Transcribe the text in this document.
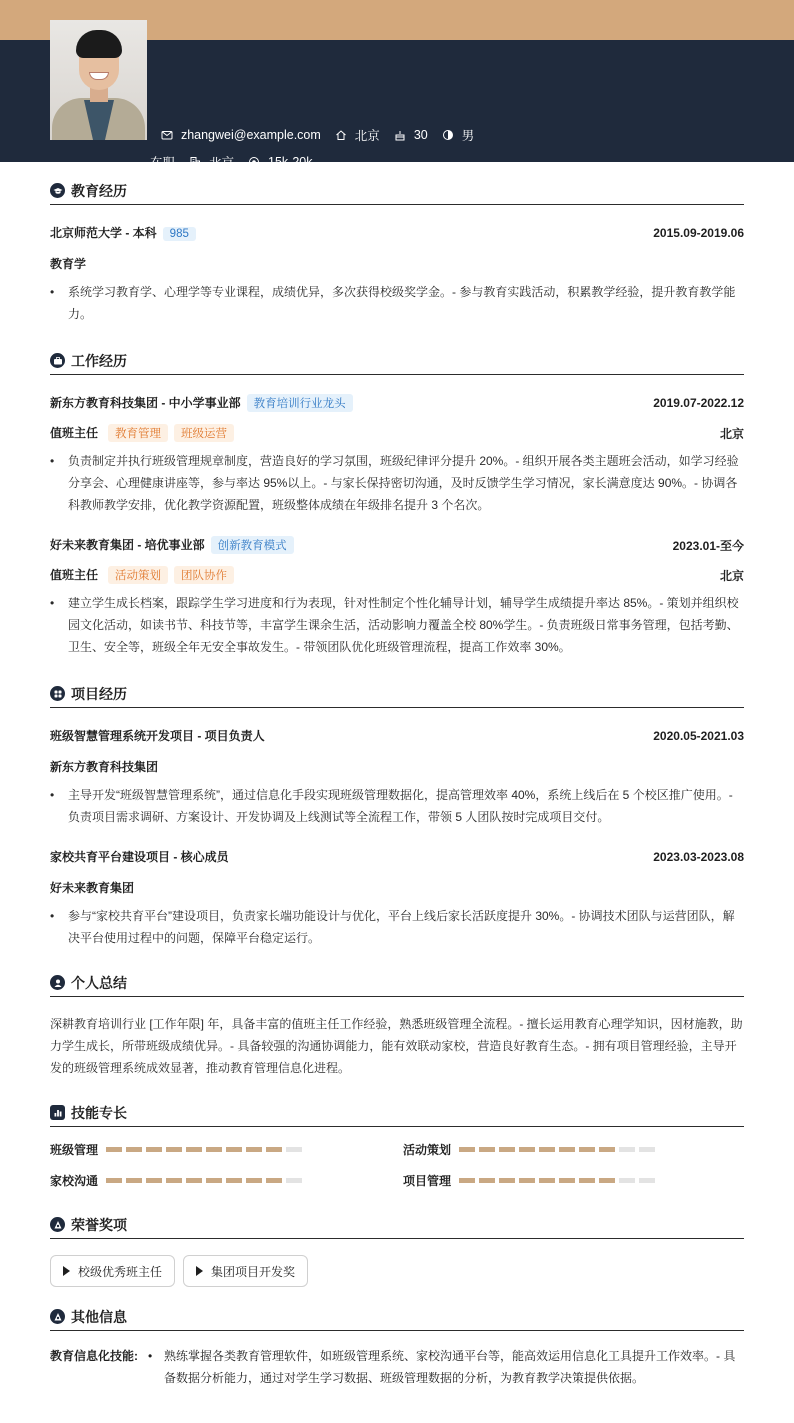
zhangwei@example.com	北京	30	男
在职	北京	15k-20k
教育经历
北京师范大学 - 本科 985	2015.09-2019.06
教育学
•	系统学习教育学、心理学等专业课程，成绩优异，多次获得校级奖学金。- 参与教育实践活动，积累教学经验，提升教育教学能力。
工作经历
新东方教育科技集团 - 中小学事业部 教育培训行业龙头	2019.07-2022.12
值班主任 教育管理 班级运营	北京
•	负责制定并执行班级管理规章制度，营造良好的学习氛围，班级纪律评分提升 20%。- 组织开展各类主题班会活动，如学习经验分享会、心理健康讲座等，参与率达 95%以上。- 与家长保持密切沟通，及时反馈学生学习情况，家长满意度达 90%。- 协调各科教师教学安排，优化教学资源配置，班级整体成绩在年级排名提升 3 个名次。
好未来教育集团 - 培优事业部 创新教育模式	2023.01-至今
值班主任 活动策划 团队协作	北京
•	建立学生成长档案，跟踪学生学习进度和行为表现，针对性制定个性化辅导计划，辅导学生成绩提升率达 85%。- 策划并组织校园文化活动，如读书节、科技节等，丰富学生课余生活，活动影响力覆盖全校 80%学生。- 负责班级日常事务管理，包括考勤、卫生、安全等，班级全年无安全事故发生。- 带领团队优化班级管理流程，提高工作效率 30%。
项目经历
班级智慧管理系统开发项目 - 项目负责人	2020.05-2021.03
新东方教育科技集团
•	主导开发“班级智慧管理系统”，通过信息化手段实现班级管理数据化，提高管理效率 40%，系统上线后在 5 个校区推广使用。- 负责项目需求调研、方案设计、开发协调及上线测试等全流程工作，带领 5 人团队按时完成项目交付。
家校共育平台建设项目 - 核心成员	2023.03-2023.08
好未来教育集团
•	参与“家校共育平台”建设项目，负责家长端功能设计与优化，平台上线后家长活跃度提升 30%。- 协调技术团队与运营团队，解决平台使用过程中的问题，保障平台稳定运行。
个人总结
深耕教育培训行业 [工作年限] 年，具备丰富的值班主任工作经验，熟悉班级管理全流程。- 擅长运用教育心理学知识，因材施教，助力学生成长，所带班级成绩优异。- 具备较强的沟通协调能力，能有效联动家校，营造良好教育生态。- 拥有项目管理经验，主导开发的班级管理系统成效显著，推动教育管理信息化进程。
技能专长
班级管理	活动策划
家校沟通	项目管理
荣誉奖项
校级优秀班主任	集团项目开发奖
其他信息
教育信息化技能: • 熟练掌握各类教育管理软件，如班级管理系统、家校沟通平台等，能高效运用信息化工具提升工作效率。- 具备数据分析能力，通过对学生学习数据、班级管理数据的分析，为教育教学决策提供依据。
